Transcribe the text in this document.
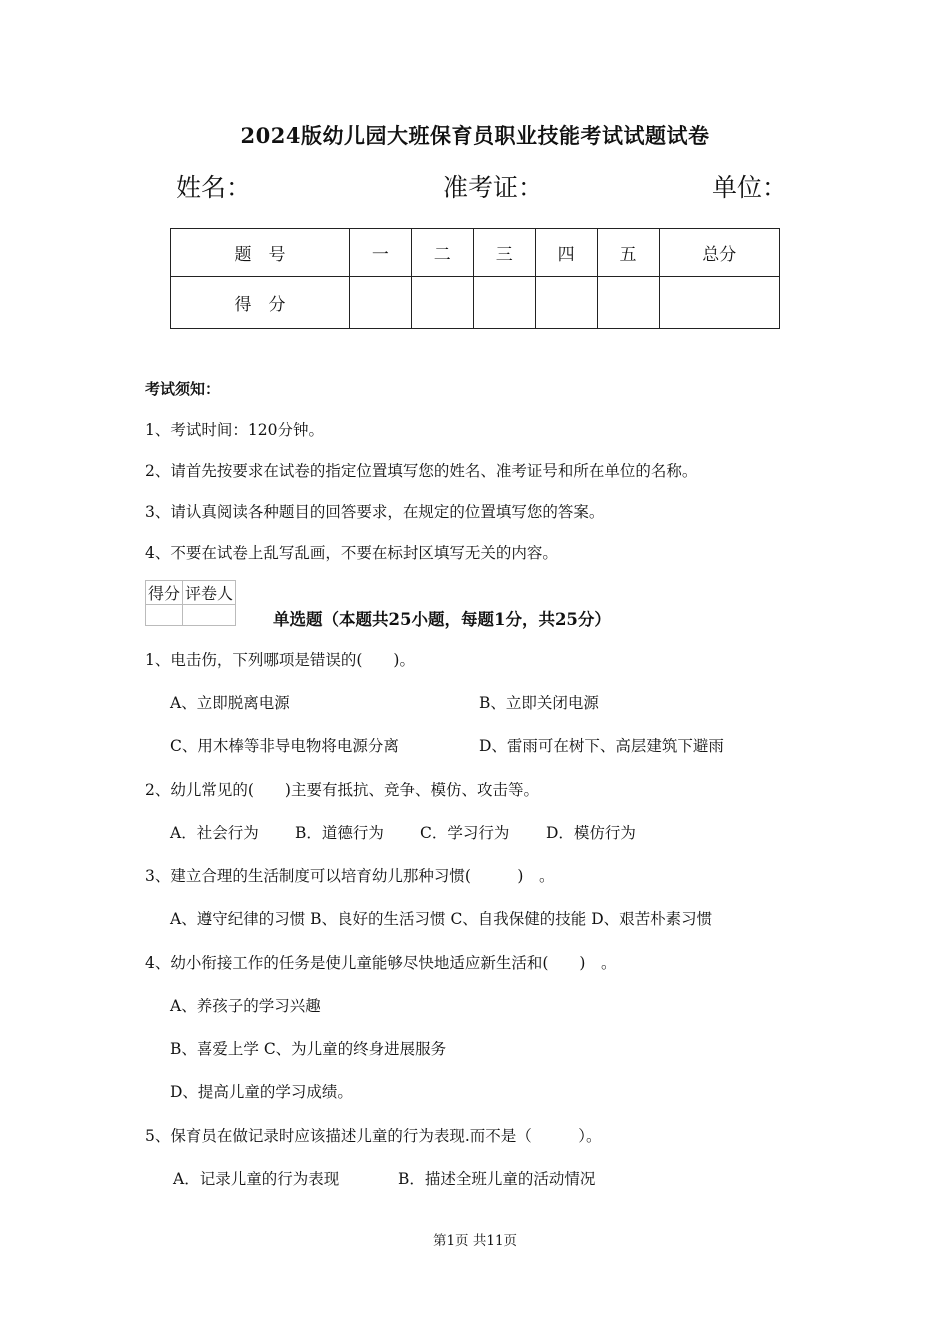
2024版幼儿园大班保育员职业技能考试试题试卷
姓名：	准考证：	单位：
题　号	一	二	三	四	五	总分
得　分						
考试须知：
1、考试时间：120分钟。
2、请首先按要求在试卷的指定位置填写您的姓名、准考证号和所在单位的名称。
3、请认真阅读各种题目的回答要求，在规定的位置填写您的答案。
4、不要在试卷上乱写乱画，不要在标封区填写无关的内容。
得分	评卷人

单选题（本题共25小题，每题1分，共25分）
1、电击伤，下列哪项是错误的(　　)。
A、立即脱离电源	B、立即关闭电源
C、用木棒等非导电物将电源分离	D、雷雨可在树下、高层建筑下避雨
2、幼儿常见的(　　)主要有抵抗、竞争、模仿、攻击等。
A．社会行为 B．道德行为 C．学习行为 D．模仿行为
3、建立合理的生活制度可以培育幼儿那种习惯(　　　)　。
A、遵守纪律的习惯 B、良好的生活习惯 C、自我保健的技能 D、艰苦朴素习惯
4、幼小衔接工作的任务是使儿童能够尽快地适应新生活和(　　)　。
A、养孩子的学习兴趣
B、喜爱上学 C、为儿童的终身进展服务
D、提高儿童的学习成绩。
5、保育员在做记录时应该描述儿童的行为表现.而不是（　　　）。
A．记录儿童的行为表现	B．描述全班儿童的活动情况
第1页 共11页
